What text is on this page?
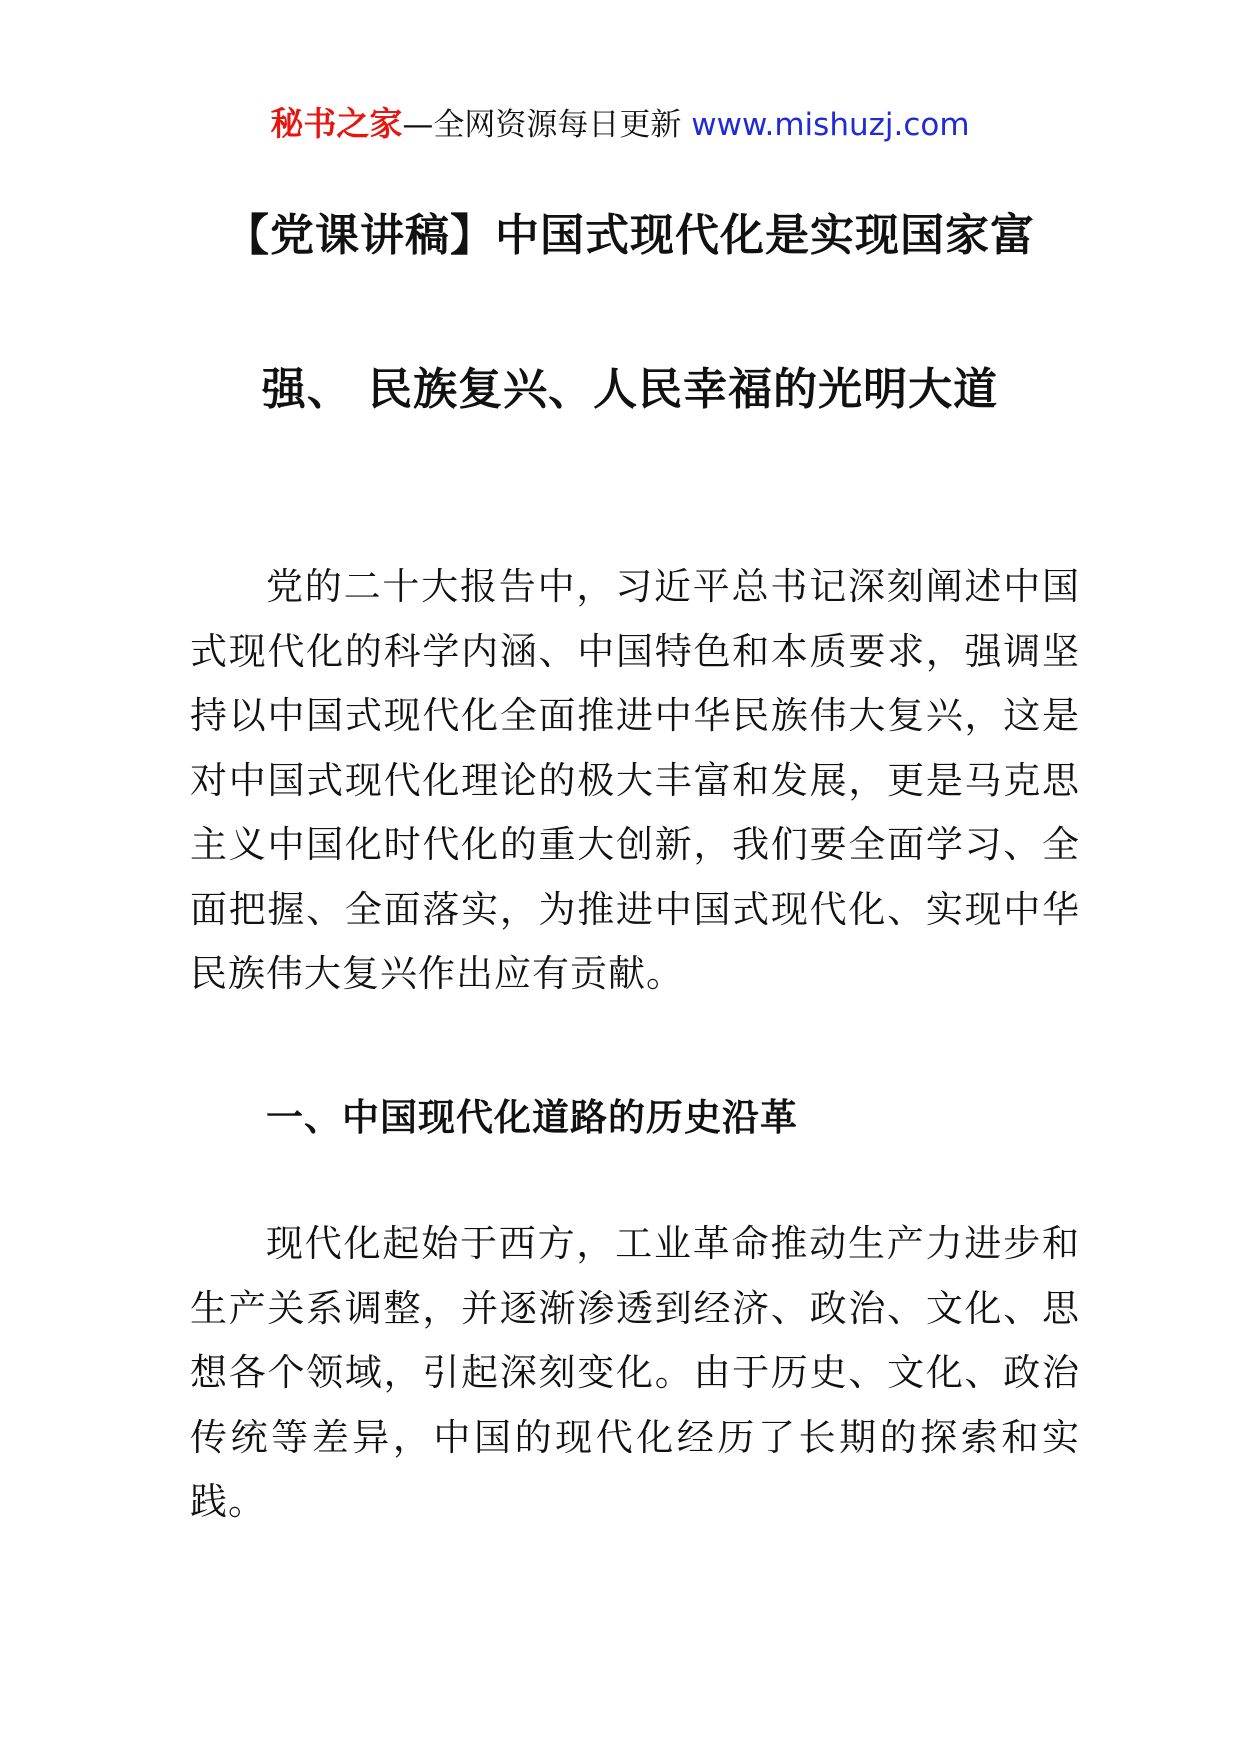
秘书之家—全网资源每日更新 www.mishuzj.com
【党课讲稿】中国式现代化是实现国家富
强、 民族复兴、人民幸福的光明大道

党的二十大报告中，习近平总书记深刻阐述中国式现代化的科学内涵、中国特色和本质要求，强调坚持以中国式现代化全面推进中华民族伟大复兴，这是对中国式现代化理论的极大丰富和发展，更是马克思主义中国化时代化的重大创新，我们要全面学习、全面把握、全面落实，为推进中国式现代化、实现中华民族伟大复兴作出应有贡献。

一、中国现代化道路的历史沿革

现代化起始于西方，工业革命推动生产力进步和生产关系调整，并逐渐渗透到经济、政治、文化、思想各个领域，引起深刻变化。由于历史、文化、政治传统等差异，中国的现代化经历了长期的探索和实践。
